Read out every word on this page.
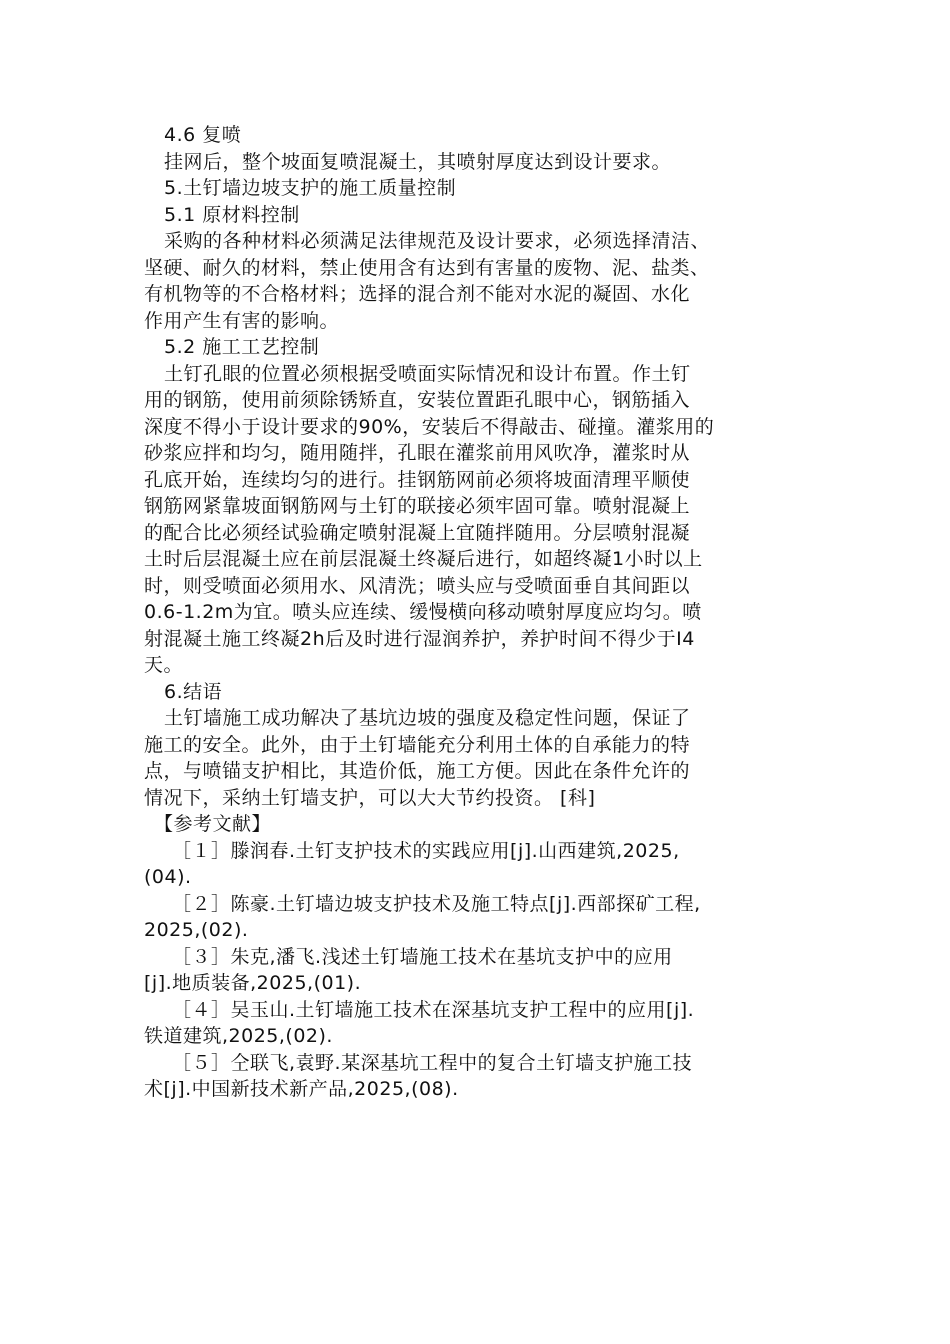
4.6 复喷
挂网后，整个坡面复喷混凝土，其喷射厚度达到设计要求。
5.土钉墙边坡支护的施工质量控制
5.1 原材料控制
采购的各种材料必须满足法律规范及设计要求，必须选择清洁、
坚硬、耐久的材料，禁止使用含有达到有害量的废物、泥、盐类、
有机物等的不合格材料；选择的混合剂不能对水泥的凝固、水化
作用产生有害的影响。
5.2 施工工艺控制
土钉孔眼的位置必须根据受喷面实际情况和设计布置。作土钉
用的钢筋，使用前须除锈矫直，安装位置距孔眼中心，钢筋插入
深度不得小于设计要求的90%，安装后不得敲击、碰撞。灌浆用的
砂浆应拌和均匀，随用随拌，孔眼在灌浆前用风吹净，灌浆时从
孔底开始，连续均匀的进行。挂钢筋网前必须将坡面清理平顺使
钢筋网紧靠坡面钢筋网与土钉的联接必须牢固可靠。喷射混凝上
的配合比必须经试验确定喷射混凝上宜随拌随用。分层喷射混凝
土时后层混凝土应在前层混凝土终凝后进行，如超终凝1小时以上
时，则受喷面必须用水、风清洗；喷头应与受喷面垂自其间距以
0.6-1.2m为宜。喷头应连续、缓慢横向移动喷射厚度应均匀。喷
射混凝土施工终凝2h后及时进行湿润养护，养护时间不得少于I4
天。
6.结语
土钉墙施工成功解决了基坑边坡的强度及稳定性问题，保证了
施工的安全。此外，由于土钉墙能充分利用土体的自承能力的特
点，与喷锚支护相比，其造价低，施工方便。因此在条件允许的
情况下，采纳土钉墙支护，可以大大节约投资。 [科]
【参考文献】
［１］滕润春.土钉支护技术的实践应用[j].山西建筑,2025,
(04).
［２］陈豪.土钉墙边坡支护技术及施工特点[j].西部探矿工程,
2025,(02).
［３］朱克,潘飞.浅述土钉墙施工技术在基坑支护中的应用
[j].地质装备,2025,(01).
［４］吴玉山.土钉墙施工技术在深基坑支护工程中的应用[j].
铁道建筑,2025,(02).
［５］仝联飞,袁野.某深基坑工程中的复合土钉墙支护施工技
术[j].中国新技术新产品,2025,(08).
